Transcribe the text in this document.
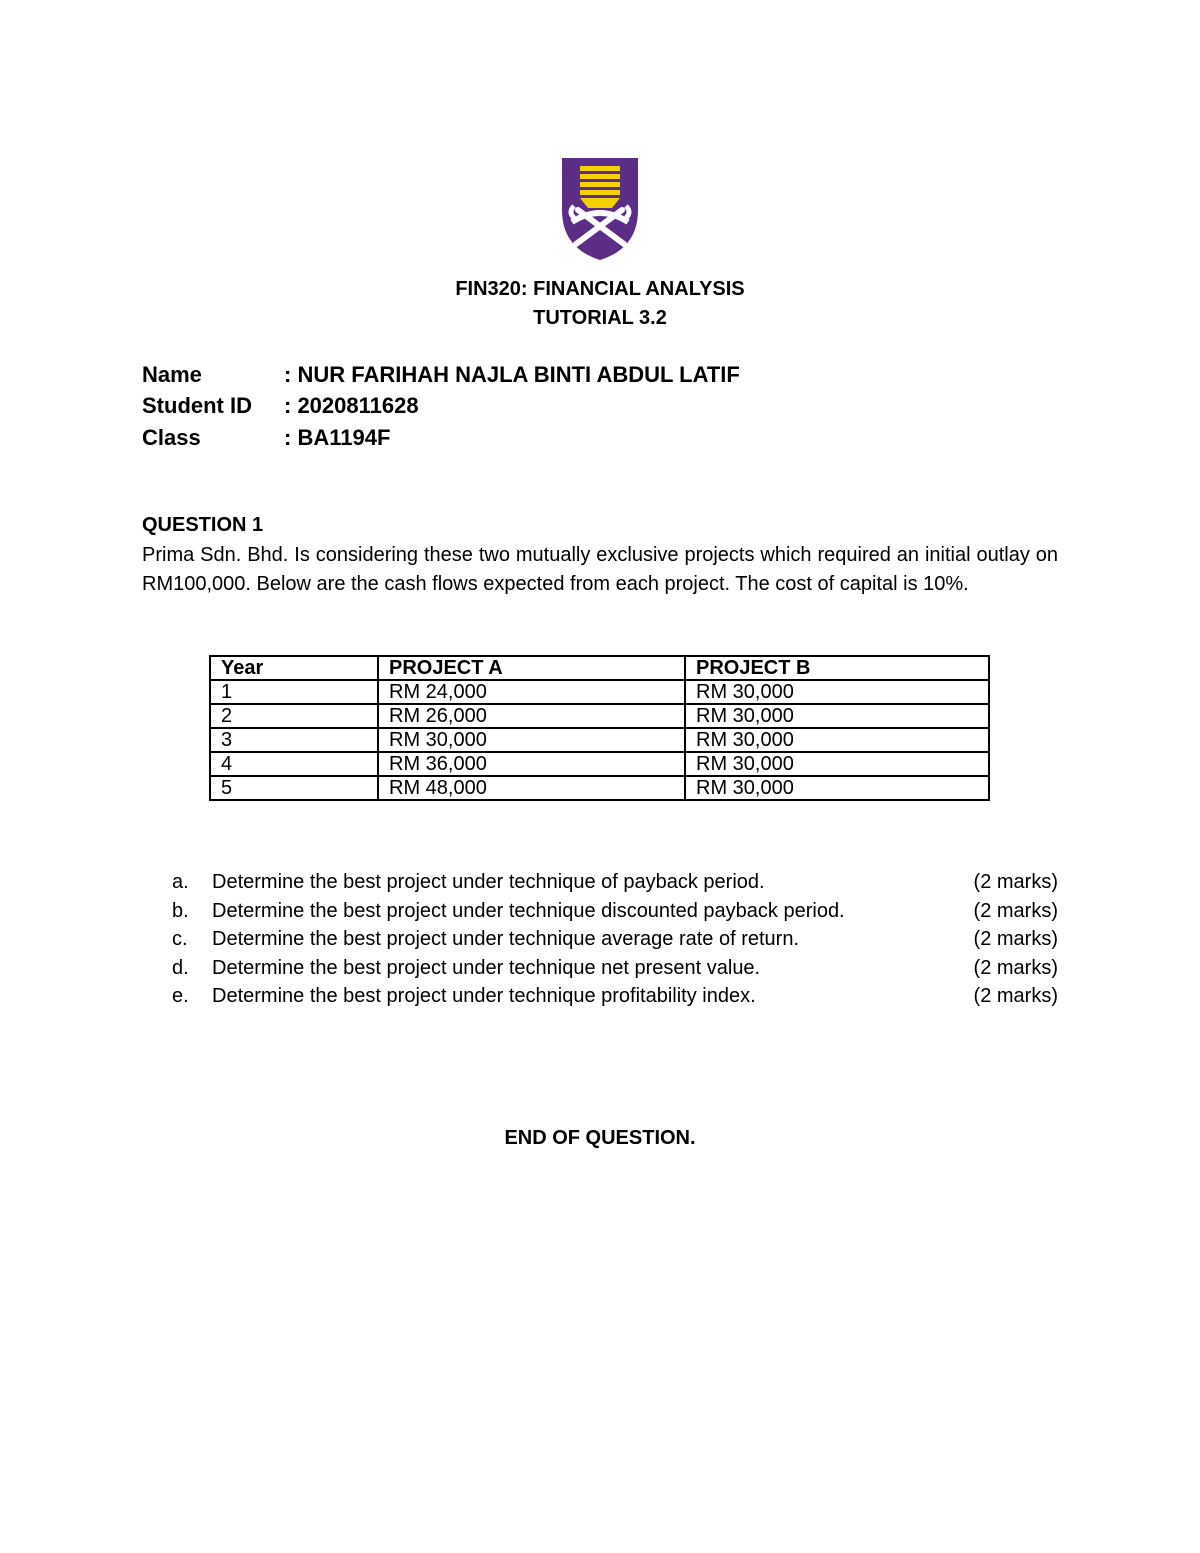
FIN320: FINANCIAL ANALYSIS
TUTORIAL 3.2
Name	: NUR FARIHAH NAJLA BINTI ABDUL LATIF
Student ID : 2020811628
Class	: BA1194F
QUESTION 1
Prima Sdn. Bhd. Is considering these two mutually exclusive projects which required an initial outlay on RM100,000. Below are the cash flows expected from each project. The cost of capital is 10%.
Year	PROJECT A	PROJECT B
1	RM 24,000	RM 30,000
2	RM 26,000	RM 30,000
3	RM 30,000	RM 30,000
4	RM 36,000	RM 30,000
5	RM 48,000	RM 30,000
a.	Determine the best project under technique of payback period.	(2 marks)
b.	Determine the best project under technique discounted payback period.	(2 marks)
c.	Determine the best project under technique average rate of return.	(2 marks)
d.	Determine the best project under technique net present value.	(2 marks)
e.	Determine the best project under technique profitability index.	(2 marks)
END OF QUESTION.
